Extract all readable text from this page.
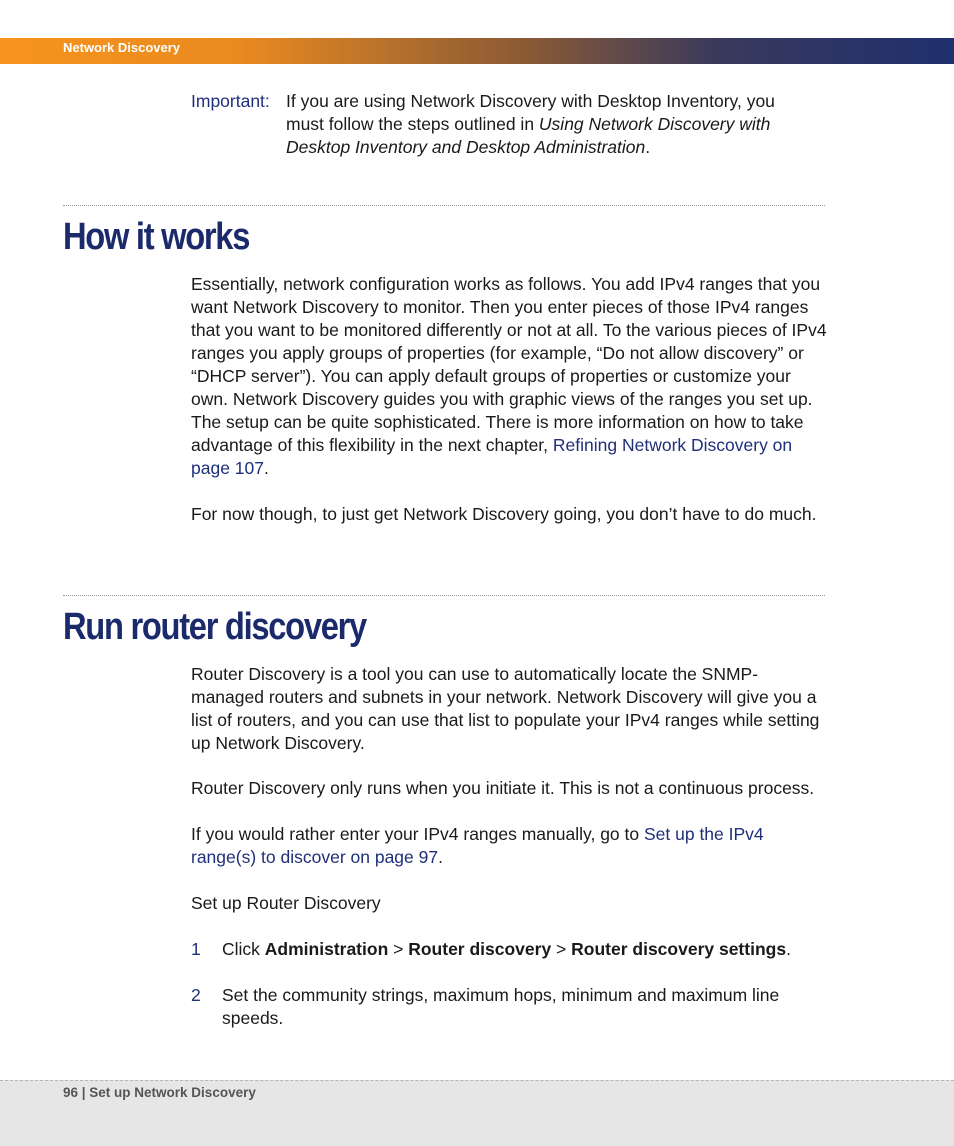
Network Discovery
Important: If you are using Network Discovery with Desktop Inventory, you must follow the steps outlined in Using Network Discovery with Desktop Inventory and Desktop Administration.
How it works

Essentially, network configuration works as follows. You add IPv4 ranges that you want Network Discovery to monitor. Then you enter pieces of those IPv4 ranges that you want to be monitored differently or not at all. To the various pieces of IPv4 ranges you apply groups of properties (for example, “Do not allow discovery” or “DHCP server”). You can apply default groups of properties or customize your own. Network Discovery guides you with graphic views of the ranges you set up. The setup can be quite sophisticated. There is more information on how to take advantage of this flexibility in the next chapter, Refining Network Discovery on page 107.

For now though, to just get Network Discovery going, you don’t have to do much.

Run router discovery

Router Discovery is a tool you can use to automatically locate the SNMP-managed routers and subnets in your network. Network Discovery will give you a list of routers, and you can use that list to populate your IPv4 ranges while setting up Network Discovery.

Router Discovery only runs when you initiate it. This is not a continuous process.

If you would rather enter your IPv4 ranges manually, go to Set up the IPv4 range(s) to discover on page 97.

Set up Router Discovery

1 Click Administration > Router discovery > Router discovery settings.
2 Set the community strings, maximum hops, minimum and maximum line speeds.
96 | Set up Network Discovery
